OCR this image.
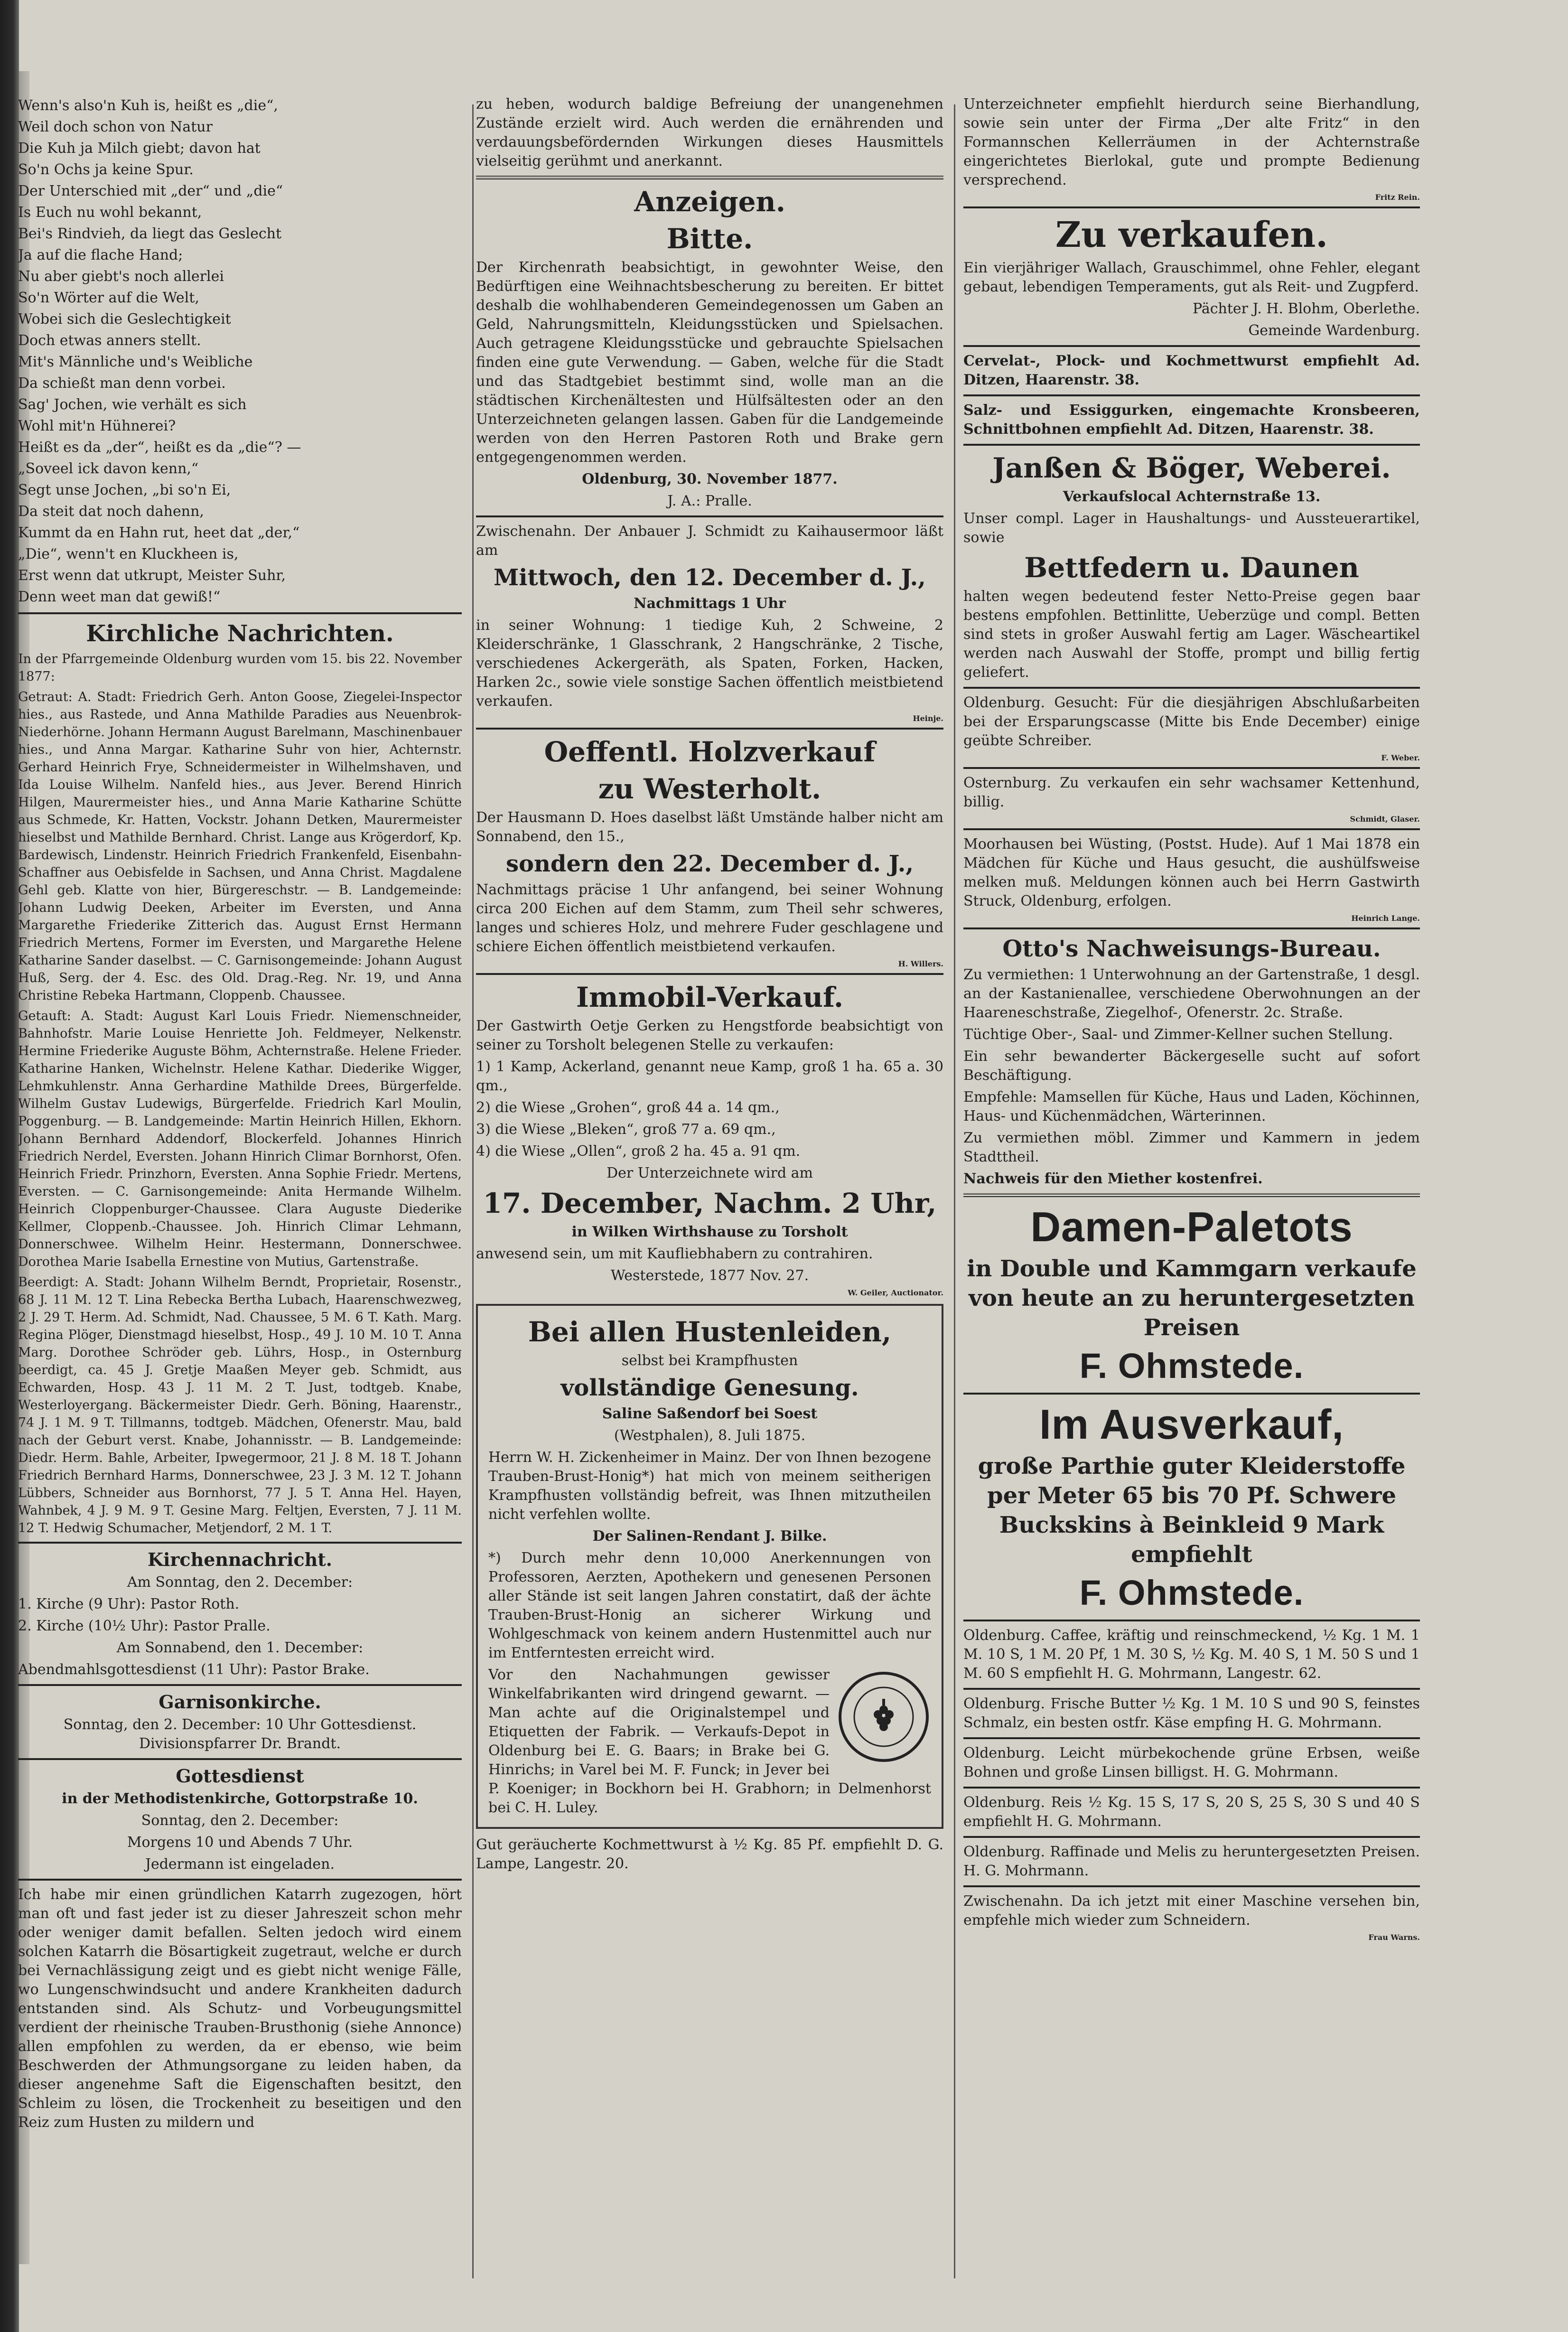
Wenn's also'n Kuh is, heißt es „die“,

Weil doch schon von Natur

Die Kuh ja Milch giebt; davon hat

So'n Ochs ja keine Spur.

Der Unterschied mit „der“ und „die“

Is Euch nu wohl bekannt,

Bei's Rindvieh, da liegt das Geslecht

Ja auf die flache Hand;

Nu aber giebt's noch allerlei

So'n Wörter auf die Welt,

Wobei sich die Geslechtigkeit

Doch etwas anners stellt.

Mit's Männliche und's Weibliche

Da schießt man denn vorbei.

Sag' Jochen, wie verhält es sich

Wohl mit'n Hühnerei?

Heißt es da „der“, heißt es da „die“? —

„Soveel ick davon kenn,“

Segt unse Jochen, „bi so'n Ei,

Da steit dat noch dahenn,

Kummt da en Hahn rut, heet dat „der,“

„Die“, wenn't en Kluckheen is,

Erst wenn dat utkrupt, Meister Suhr,

Denn weet man dat gewiß!“

Kirchliche Nachrichten.

In der Pfarrgemeinde Oldenburg wurden vom 15. bis 22. November 1877:

Getraut: A. Stadt: Friedrich Gerh. Anton Goose, Ziegelei-Inspector hies., aus Rastede, und Anna Mathilde Paradies aus Neuenbrok-Niederhörne. Johann Hermann August Barelmann, Maschinenbauer hies., und Anna Margar. Katharine Suhr von hier, Achternstr. Gerhard Heinrich Frye, Schneidermeister in Wilhelmshaven, und Ida Louise Wilhelm. Nanfeld hies., aus Jever. Berend Hinrich Hilgen, Maurermeister hies., und Anna Marie Katharine Schütte aus Schmede, Kr. Hatten, Vockstr. Johann Detken, Maurermeister hieselbst und Mathilde Bernhard. Christ. Lange aus Krögerdorf, Kp. Bardewisch, Lindenstr. Heinrich Friedrich Frankenfeld, Eisenbahn-Schaffner aus Oebisfelde in Sachsen, und Anna Christ. Magdalene Gehl geb. Klatte von hier, Bürgereschstr. — B. Landgemeinde: Johann Ludwig Deeken, Arbeiter im Eversten, und Anna Margarethe Friederike Zitterich das. August Ernst Hermann Friedrich Mertens, Former im Eversten, und Margarethe Helene Katharine Sander daselbst. — C. Garnisongemeinde: Johann August Huß, Serg. der 4. Esc. des Old. Drag.-Reg. Nr. 19, und Anna Christine Rebeka Hartmann, Cloppenb. Chaussee.

Getauft: A. Stadt: August Karl Louis Friedr. Niemenschneider, Bahnhofstr. Marie Louise Henriette Joh. Feldmeyer, Nelkenstr. Hermine Friederike Auguste Böhm, Achternstraße. Helene Frieder. Katharine Hanken, Wichelnstr. Helene Kathar. Diederike Wigger, Lehmkuhlenstr. Anna Gerhardine Mathilde Drees, Bürgerfelde. Wilhelm Gustav Ludewigs, Bürgerfelde. Friedrich Karl Moulin, Poggenburg. — B. Landgemeinde: Martin Heinrich Hillen, Ekhorn. Johann Bernhard Addendorf, Blockerfeld. Johannes Hinrich Friedrich Nerdel, Eversten. Johann Hinrich Climar Bornhorst, Ofen. Heinrich Friedr. Prinzhorn, Eversten. Anna Sophie Friedr. Mertens, Eversten. — C. Garnisongemeinde: Anita Hermande Wilhelm. Heinrich Cloppenburger-Chaussee. Clara Auguste Diederike Kellmer, Cloppenb.-Chaussee. Joh. Hinrich Climar Lehmann, Donnerschwee. Wilhelm Heinr. Hestermann, Donnerschwee. Dorothea Marie Isabella Ernestine von Mutius, Gartenstraße.

Beerdigt: A. Stadt: Johann Wilhelm Berndt, Proprietair, Rosenstr., 68 J. 11 M. 12 T. Lina Rebecka Bertha Lubach, Haarenschwezweg, 2 J. 29 T. Herm. Ad. Schmidt, Nad. Chaussee, 5 M. 6 T. Kath. Marg. Regina Plöger, Dienstmagd hieselbst, Hosp., 49 J. 10 M. 10 T. Anna Marg. Dorothee Schröder geb. Lührs, Hosp., in Osternburg beerdigt, ca. 45 J. Gretje Maaßen Meyer geb. Schmidt, aus Echwarden, Hosp. 43 J. 11 M. 2 T. Just, todtgeb. Knabe, Westerloyergang. Bäckermeister Diedr. Gerh. Böning, Haarenstr., 74 J. 1 M. 9 T. Tillmanns, todtgeb. Mädchen, Ofenerstr. Mau, bald nach der Geburt verst. Knabe, Johannisstr. — B. Landgemeinde: Diedr. Herm. Bahle, Arbeiter, Ipwegermoor, 21 J. 8 M. 18 T. Johann Friedrich Bernhard Harms, Donnerschwee, 23 J. 3 M. 12 T. Johann Lübbers, Schneider aus Bornhorst, 77 J. 5 T. Anna Hel. Hayen, Wahnbek, 4 J. 9 M. 9 T. Gesine Marg. Feltjen, Eversten, 7 J. 11 M. 12 T. Hedwig Schumacher, Metjendorf, 2 M. 1 T.

Kirchennachricht.

Am Sonntag, den 2. December:

1. Kirche (9 Uhr): Pastor Roth.

2. Kirche (10½ Uhr): Pastor Pralle.

Am Sonnabend, den 1. December:

Abendmahlsgottesdienst (11 Uhr): Pastor Brake.

Garnisonkirche.

Sonntag, den 2. December: 10 Uhr Gottesdienst. Divisionspfarrer Dr. Brandt.

Gottesdienst

in der Methodistenkirche, Gottorpstraße 10.

Sonntag, den 2. December:

Morgens 10 und Abends 7 Uhr.

Jedermann ist eingeladen.

Ich habe mir einen gründlichen Katarrh zugezogen, hört man oft und fast jeder ist zu dieser Jahreszeit schon mehr oder weniger damit befallen. Selten jedoch wird einem solchen Katarrh die Bösartigkeit zugetraut, welche er durch bei Vernachlässigung zeigt und es giebt nicht wenige Fälle, wo Lungenschwindsucht und andere Krankheiten dadurch entstanden sind. Als Schutz- und Vorbeugungsmittel verdient der rheinische Trauben-Brusthonig (siehe Annonce) allen empfohlen zu werden, da er ebenso, wie beim Beschwerden der Athmungsorgane zu leiden haben, da dieser angenehme Saft die Eigenschaften besitzt, den Schleim zu lösen, die Trockenheit zu beseitigen und den Reiz zum Husten zu mildern und

zu heben, wodurch baldige Befreiung der unangenehmen Zustände erzielt wird. Auch werden die ernährenden und verdauungsbefördernden Wirkungen dieses Hausmittels vielseitig gerühmt und anerkannt.

Anzeigen.
Bitte.

Der Kirchenrath beabsichtigt, in gewohnter Weise, den Bedürftigen eine Weihnachtsbescherung zu bereiten. Er bittet deshalb die wohlhabenderen Gemeindegenossen um Gaben an Geld, Nahrungsmitteln, Kleidungsstücken und Spielsachen. Auch getragene Kleidungsstücke und gebrauchte Spielsachen finden eine gute Verwendung. — Gaben, welche für die Stadt und das Stadtgebiet bestimmt sind, wolle man an die städtischen Kirchenältesten und Hülfsältesten oder an den Unterzeichneten gelangen lassen. Gaben für die Landgemeinde werden von den Herren Pastoren Roth und Brake gern entgegengenommen werden.

Oldenburg, 30. November 1877.

J. A.: Pralle.

Zwischenahn. Der Anbauer J. Schmidt zu Kaihausermoor läßt am

Mittwoch, den 12. December d. J.,

Nachmittags 1 Uhr

in seiner Wohnung: 1 tiedige Kuh, 2 Schweine, 2 Kleiderschränke, 1 Glasschrank, 2 Hangschränke, 2 Tische, verschiedenes Ackergeräth, als Spaten, Forken, Hacken, Harken 2c., sowie viele sonstige Sachen öffentlich meistbietend verkaufen.

Heinje.
Oeffentl. Holzverkauf
zu Westerholt.

Der Hausmann D. Hoes daselbst läßt Umstände halber nicht am Sonnabend, den 15.,

sondern den 22. December d. J.,

Nachmittags präcise 1 Uhr anfangend, bei seiner Wohnung circa 200 Eichen auf dem Stamm, zum Theil sehr schweres, langes und schieres Holz, und mehrere Fuder geschlagene und schiere Eichen öffentlich meistbietend verkaufen.

H. Willers.
Immobil-Verkauf.

Der Gastwirth Oetje Gerken zu Hengstforde beabsichtigt von seiner zu Torsholt belegenen Stelle zu verkaufen:

1) 1 Kamp, Ackerland, genannt neue Kamp, groß 1 ha. 65 a. 30 qm.,

2) die Wiese „Grohen“, groß 44 a. 14 qm.,

3) die Wiese „Bleken“, groß 77 a. 69 qm.,

4) die Wiese „Ollen“, groß 2 ha. 45 a. 91 qm.

Der Unterzeichnete wird am

17. December, Nachm. 2 Uhr,

in Wilken Wirthshause zu Torsholt

anwesend sein, um mit Kaufliebhabern zu contrahiren.

Westerstede, 1877 Nov. 27.

W. Geiler, Auctionator.
Bei allen Hustenleiden,

selbst bei Krampfhusten

vollständige Genesung.

Saline Saßendorf bei Soest

(Westphalen), 8. Juli 1875.

Herrn W. H. Zickenheimer in Mainz. Der von Ihnen bezogene Trauben-Brust-Honig*) hat mich von meinem seitherigen Krampfhusten vollständig befreit, was Ihnen mitzutheilen nicht verfehlen wollte.

Der Salinen-Rendant J. Bilke.

*) Durch mehr denn 10,000 Anerkennungen von Professoren, Aerzten, Apothekern und genesenen Personen aller Stände ist seit langen Jahren constatirt, daß der ächte Trauben-Brust-Honig an sicherer Wirkung und Wohlgeschmack von keinem andern Hustenmittel auch nur im Entferntesten erreicht wird.

Vor den Nachahmungen gewisser Winkelfabrikanten wird dringend gewarnt. — Man achte auf die Originalstempel und Etiquetten der Fabrik. — Verkaufs-Depot in Oldenburg bei E. G. Baars; in Brake bei G. Hinrichs; in Varel bei M. F. Funck; in Jever bei P. Koeniger; in Bockhorn bei H. Grabhorn; in Delmenhorst bei C. H. Luley.

Gut geräucherte Kochmettwurst à ½ Kg. 85 Pf. empfiehlt D. G. Lampe, Langestr. 20.

Unterzeichneter empfiehlt hierdurch seine Bierhandlung, sowie sein unter der Firma „Der alte Fritz“ in den Formannschen Kellerräumen in der Achternstraße eingerichtetes Bierlokal, gute und prompte Bedienung versprechend.

Fritz Rein.
Zu verkaufen.

Ein vierjähriger Wallach, Grauschimmel, ohne Fehler, elegant gebaut, lebendigen Temperaments, gut als Reit- und Zugpferd.

Pächter J. H. Blohm, Oberlethe.

Gemeinde Wardenburg.

Cervelat-, Plock- und Kochmettwurst empfiehlt Ad. Ditzen, Haarenstr. 38.

Salz- und Essiggurken, eingemachte Kronsbeeren, Schnittbohnen empfiehlt Ad. Ditzen, Haarenstr. 38.

Janßen & Böger, Weberei.

Verkaufslocal Achternstraße 13.

Unser compl. Lager in Haushaltungs- und Aussteuerartikel, sowie

Bettfedern u. Daunen

halten wegen bedeutend fester Netto-Preise gegen baar bestens empfohlen. Bettinlitte, Ueberzüge und compl. Betten sind stets in großer Auswahl fertig am Lager. Wäscheartikel werden nach Auswahl der Stoffe, prompt und billig fertig geliefert.

Oldenburg. Gesucht: Für die diesjährigen Abschlußarbeiten bei der Ersparungscasse (Mitte bis Ende December) einige geübte Schreiber.

F. Weber.

Osternburg. Zu verkaufen ein sehr wachsamer Kettenhund, billig.

Schmidt, Glaser.

Moorhausen bei Wüsting, (Postst. Hude). Auf 1 Mai 1878 ein Mädchen für Küche und Haus gesucht, die aushülfsweise melken muß. Meldungen können auch bei Herrn Gastwirth Struck, Oldenburg, erfolgen.

Heinrich Lange.
Otto's Nachweisungs-Bureau.

Zu vermiethen: 1 Unterwohnung an der Gartenstraße, 1 desgl. an der Kastanienallee, verschiedene Oberwohnungen an der Haareneschstraße, Ziegelhof-, Ofenerstr. 2c. Straße.

Tüchtige Ober-, Saal- und Zimmer-Kellner suchen Stellung.

Ein sehr bewanderter Bäckergeselle sucht auf sofort Beschäftigung.

Empfehle: Mamsellen für Küche, Haus und Laden, Köchinnen, Haus- und Küchenmädchen, Wärterinnen.

Zu vermiethen möbl. Zimmer und Kammern in jedem Stadttheil.

Nachweis für den Miether kostenfrei.

Damen-Paletots
in Double und Kammgarn verkaufe von heute an zu heruntergesetzten Preisen
F. Ohmstede.
Im Ausverkauf,
große Parthie guter Kleiderstoffe per Meter 65 bis 70 Pf. Schwere Buckskins à Beinkleid 9 Mark empfiehlt
F. Ohmstede.

Oldenburg. Caffee, kräftig und reinschmeckend, ½ Kg. 1 M. 1 M. 10 S, 1 M. 20 Pf, 1 M. 30 S, ½ Kg. M. 40 S, 1 M. 50 S und 1 M. 60 S empfiehlt H. G. Mohrmann, Langestr. 62.

Oldenburg. Frische Butter ½ Kg. 1 M. 10 S und 90 S, feinstes Schmalz, ein besten ostfr. Käse empfing H. G. Mohrmann.

Oldenburg. Leicht mürbekochende grüne Erbsen, weiße Bohnen und große Linsen billigst. H. G. Mohrmann.

Oldenburg. Reis ½ Kg. 15 S, 17 S, 20 S, 25 S, 30 S und 40 S empfiehlt H. G. Mohrmann.

Oldenburg. Raffinade und Melis zu heruntergesetzten Preisen. H. G. Mohrmann.

Zwischenahn. Da ich jetzt mit einer Maschine versehen bin, empfehle mich wieder zum Schneidern.

Frau Warns.
